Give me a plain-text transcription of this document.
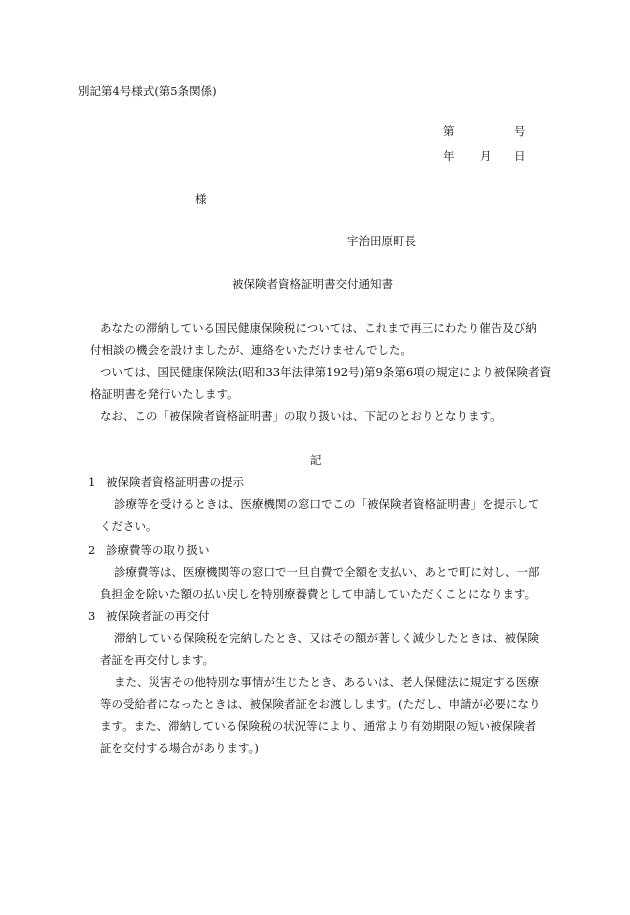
別記第4号様式(第5条関係)
第	号
年 月 日
様
宇治田原町長
被保険者資格証明書交付通知書
あなたの滞納している国民健康保険税については、これまで再三にわたり催告及び納
付相談の機会を設けましたが、連絡をいただけませんでした。
ついては、国民健康保険法(昭和33年法律第192号)第9条第6項の規定により被保険者資
格証明書を発行いたします。
なお、この「被保険者資格証明書」の取り扱いは、下記のとおりとなります。
記
1 被保険者資格証明書の提示
診療等を受けるときは、医療機関の窓口でこの「被保険者資格証明書」を提示して
ください。
2 診療費等の取り扱い
診療費等は、医療機関等の窓口で一旦自費で全額を支払い、あとで町に対し、一部
負担金を除いた額の払い戻しを特別療養費として申請していただくことになります。
3 被保険者証の再交付
滞納している保険税を完納したとき、又はその額が著しく減少したときは、被保険
者証を再交付します。
また、災害その他特別な事情が生じたとき、あるいは、老人保健法に規定する医療
等の受給者になったときは、被保険者証をお渡しします。(ただし、申請が必要になり
ます。また、滞納している保険税の状況等により、通常より有効期限の短い被保険者
証を交付する場合があります。)
